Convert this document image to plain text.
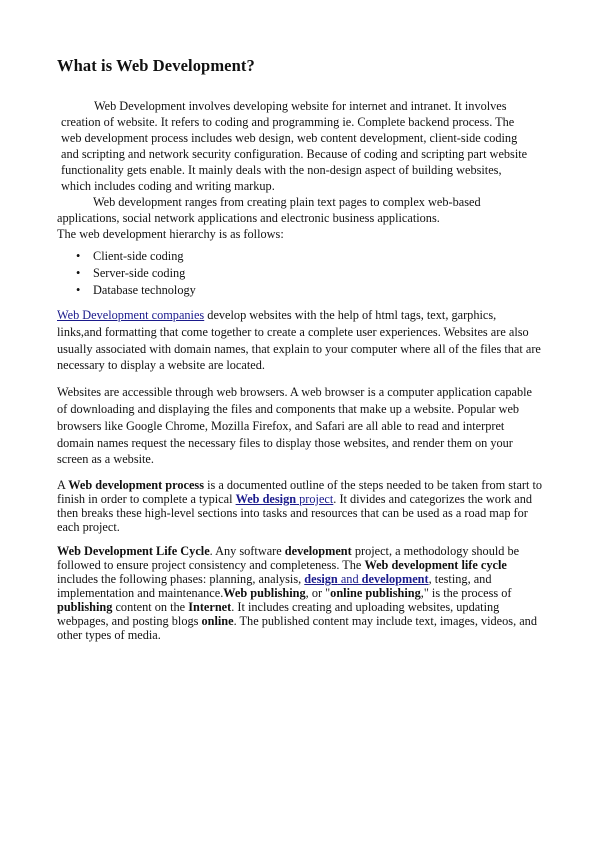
What is Web Development?

Web Development involves developing website for internet and intranet. It involves creation of website. It refers to coding and programming ie. Complete backend process. The web development process includes web design, web content development, client-side coding and scripting and network security configuration. Because of coding and scripting part website functionality gets enable. It mainly deals with the non-design aspect of building websites, which includes coding and writing markup.

Web development ranges from creating plain text pages to complex web-based applications, social network applications and electronic business applications.

The web development hierarchy is as follows:

• Client-side coding
• Server-side coding
• Database technology

Web Development companies develop websites with the help of html tags, text, garphics, links,and formatting that come together to create a complete user experiences. Websites are also usually associated with domain names, that explain to your computer where all of the files that are necessary to display a website are located.

Websites are accessible through web browsers. A web browser is a computer application capable of downloading and displaying the files and components that make up a website. Popular web browsers like Google Chrome, Mozilla Firefox, and Safari are all able to read and interpret domain names request the necessary files to display those websites, and render them on your screen as a website.

A Web development process is a documented outline of the steps needed to be taken from start to finish in order to complete a typical Web design project. It divides and categorizes the work and then breaks these high-level sections into tasks and resources that can be used as a road map for each project.

Web Development Life Cycle. Any software development project, a methodology should be followed to ensure project consistency and completeness. The Web development life cycle includes the following phases: planning, analysis, design and development, testing, and implementation and maintenance.Web publishing, or "online publishing," is the process of publishing content on the Internet. It includes creating and uploading websites, updating webpages, and posting blogs online. The published content may include text, images, videos, and other types of media.
